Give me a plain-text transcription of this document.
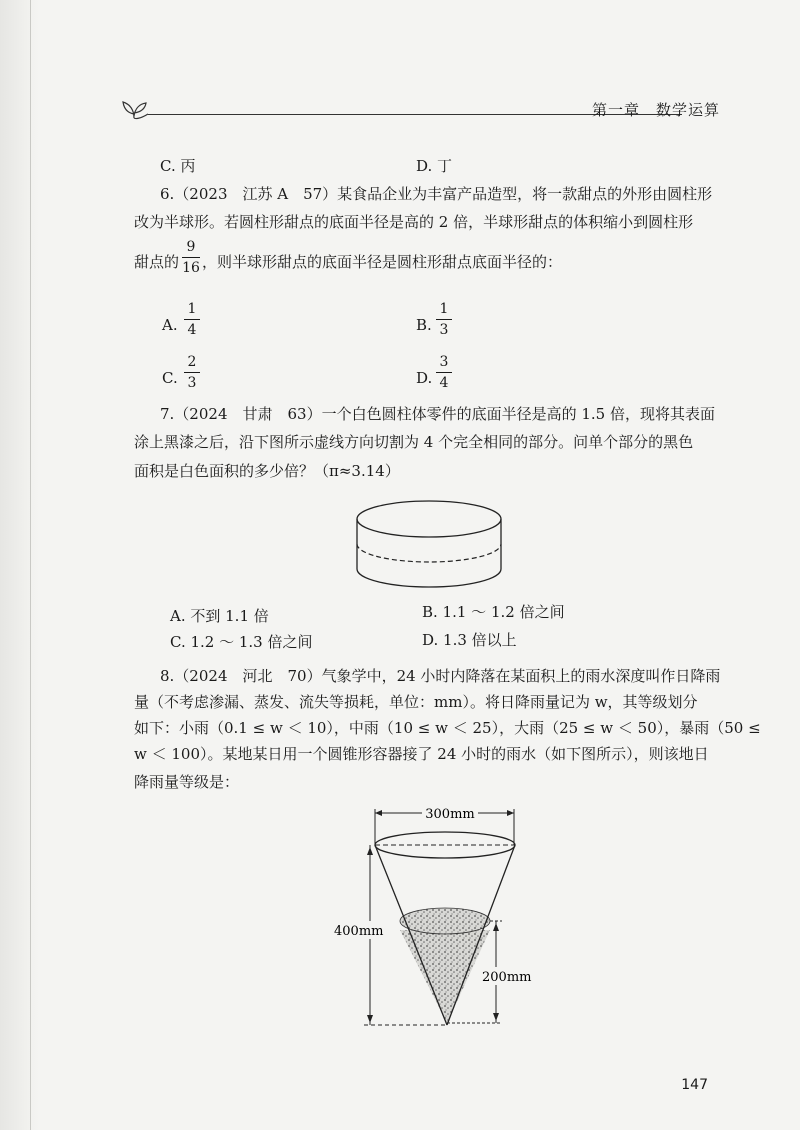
第一章　数学运算
C. 丙	D. 丁
6.（2023　江苏 A　57）某食品企业为丰富产品造型，将一款甜点的外形由圆柱形
改为半球形。若圆柱形甜点的底面半径是高的 2 倍，半球形甜点的体积缩小到圆柱形
甜点的
9
16 ，则半球形甜点的底面半径是圆柱形甜点底面半径的：
A.
1
4	B.
1
3
C.
2
3	D.
3
4
7.（2024　甘肃　63）一个白色圆柱体零件的底面半径是高的 1.5 倍，现将其表面
涂上黑漆之后，沿下图所示虚线方向切割为 4 个完全相同的部分。问单个部分的黑色
面积是白色面积的多少倍？（π≈3.14）
A. 不到 1.1 倍	B. 1.1 ～ 1.2 倍之间
C. 1.2 ～ 1.3 倍之间	D. 1.3 倍以上
8.（2024　河北　70）气象学中，24 小时内降落在某面积上的雨水深度叫作日降雨
量（不考虑渗漏、蒸发、流失等损耗，单位：mm）。将日降雨量记为 w，其等级划分
如下：小雨（0.1 ≤ w ＜ 10），中雨（10 ≤ w ＜ 25），大雨（25 ≤ w ＜ 50），暴雨（50 ≤
w ＜ 100）。某地某日用一个圆锥形容器接了 24 小时的雨水（如下图所示），则该地日
降雨量等级是：
300mm
400mm
200mm
147
